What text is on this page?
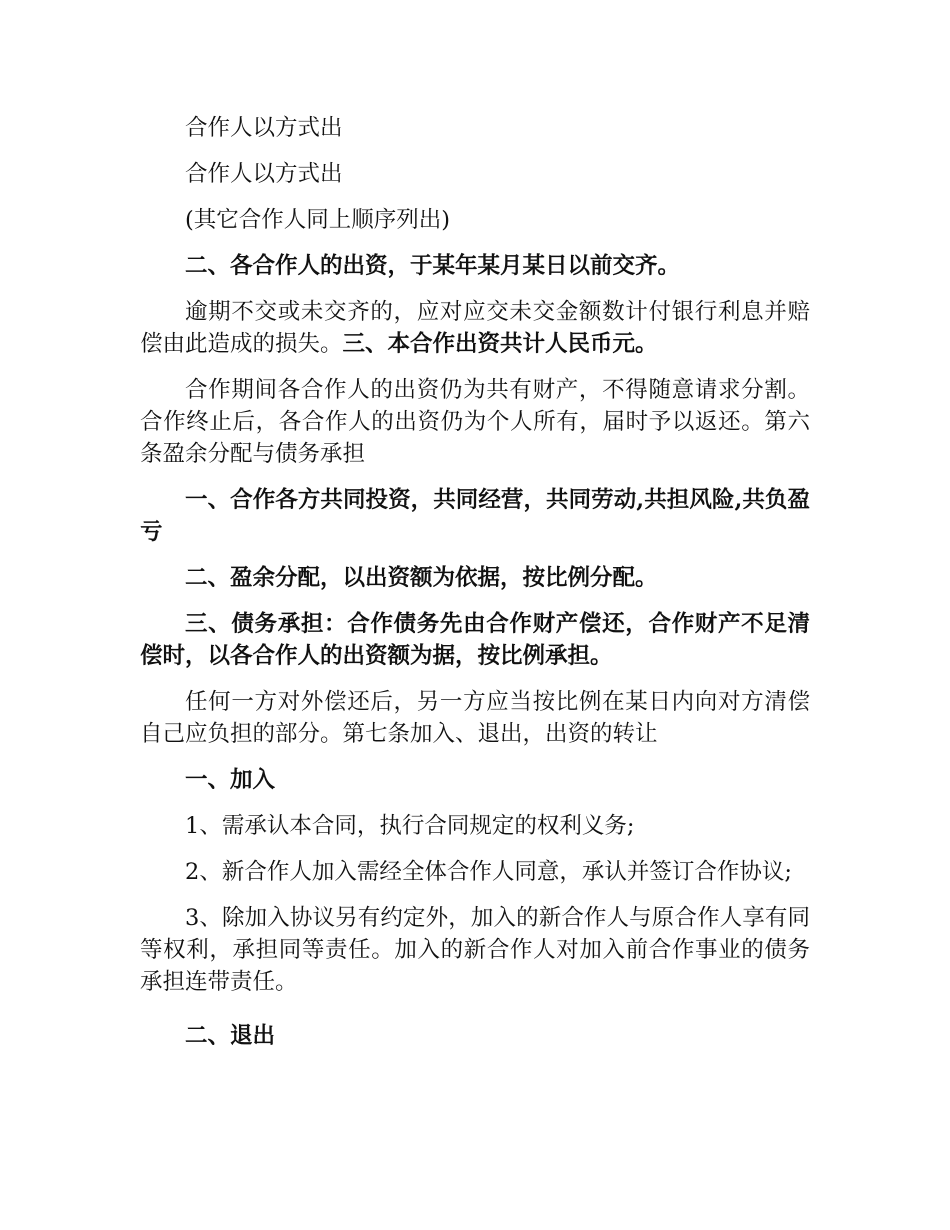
合作人以方式出

合作人以方式出

(其它合作人同上顺序列出)

二、各合作人的出资，于某年某月某日以前交齐。

逾期不交或未交齐的，应对应交未交金额数计付银行利息并赔偿由此造成的损失。三、本合作出资共计人民币元。

合作期间各合作人的出资仍为共有财产，不得随意请求分割。合作终止后，各合作人的出资仍为个人所有，届时予以返还。第六条盈余分配与债务承担

一、合作各方共同投资，共同经营，共同劳动,共担风险,共负盈亏

二、盈余分配，以出资额为依据，按比例分配。

三、债务承担：合作债务先由合作财产偿还，合作财产不足清偿时，以各合作人的出资额为据，按比例承担。

任何一方对外偿还后，另一方应当按比例在某日内向对方清偿自己应负担的部分。第七条加入、退出，出资的转让

一、加入

1、需承认本合同，执行合同规定的权利义务;

2、新合作人加入需经全体合作人同意，承认并签订合作协议;

3、除加入协议另有约定外，加入的新合作人与原合作人享有同等权利，承担同等责任。加入的新合作人对加入前合作事业的债务承担连带责任。

二、退出
